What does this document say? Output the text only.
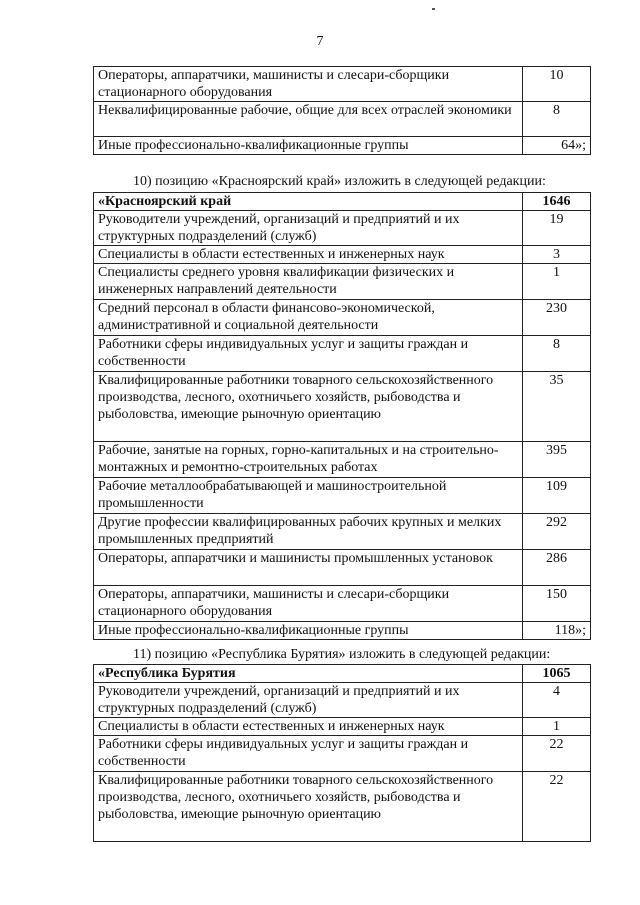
7
Операторы, аппаратчики, машинисты и слесари-сборщики стационарного оборудования	10
Неквалифицированные рабочие, общие для всех отраслей экономики	8
Иные профессионально-квалификационные группы	64»;
10) позицию «Красноярский край» изложить в следующей редакции:
«Красноярский край	1646
Руководители учреждений, организаций и предприятий и их структурных подразделений (служб)	19
Специалисты в области естественных и инженерных наук	3
Специалисты среднего уровня квалификации физических и инженерных направлений деятельности	1
Средний персонал в области финансово-экономической, административной и социальной деятельности	230
Работники сферы индивидуальных услуг и защиты граждан и собственности	8
Квалифицированные работники товарного сельскохозяйственного производства, лесного, охотничьего хозяйств, рыбоводства и рыболовства, имеющие рыночную ориентацию	35
Рабочие, занятые на горных, горно-капитальных и на строительно-монтажных и ремонтно-строительных работах	395
Рабочие металлообрабатывающей и машиностроительной промышленности	109
Другие профессии квалифицированных рабочих крупных и мелких промышленных предприятий	292
Операторы, аппаратчики и машинисты промышленных установок	286
Операторы, аппаратчики, машинисты и слесари-сборщики стационарного оборудования	150
Иные профессионально-квалификационные группы	118»;
11) позицию «Республика Бурятия» изложить в следующей редакции:
«Республика Бурятия	1065
Руководители учреждений, организаций и предприятий и их структурных подразделений (служб)	4
Специалисты в области естественных и инженерных наук	1
Работники сферы индивидуальных услуг и защиты граждан и собственности	22
Квалифицированные работники товарного сельскохозяйственного производства, лесного, охотничьего хозяйств, рыбоводства и рыболовства, имеющие рыночную ориентацию	22
